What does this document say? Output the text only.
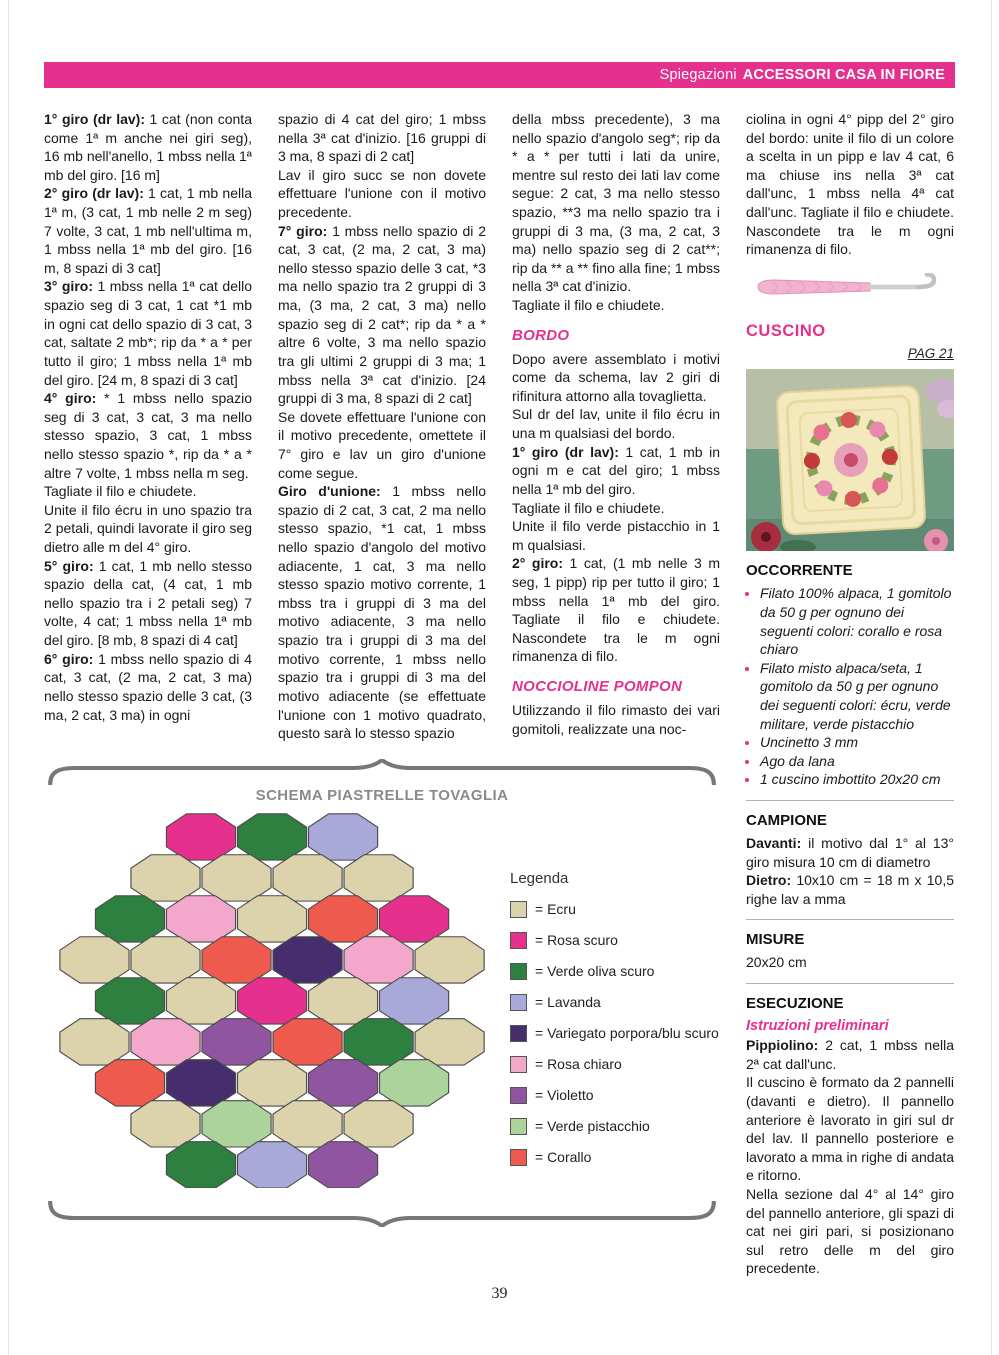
Spiegazioni ACCESSORI CASA IN FIORE

1° giro (dr lav): 1 cat (non conta come 1ª m anche nei giri seg), 16 mb nell'anello, 1 mbss nella 1ª mb del giro. [16 m]

2° giro (dr lav): 1 cat, 1 mb nella 1ª m, (3 cat, 1 mb nelle 2 m seg) 7 volte, 3 cat, 1 mb nell'ultima m, 1 mbss nella 1ª mb del giro. [16 m, 8 spazi di 3 cat]

3° giro: 1 mbss nella 1ª cat dello spazio seg di 3 cat, 1 cat *1 mb in ogni cat dello spazio di 3 cat, 3 cat, saltate 2 mb*; rip da * a * per tutto il giro; 1 mbss nella 1ª mb del giro. [24 m, 8 spazi di 3 cat]

4° giro: * 1 mbss nello spazio seg di 3 cat, 3 cat, 3 ma nello stesso spazio, 3 cat, 1 mbss nello stesso spazio *, rip da * a * altre 7 volte, 1 mbss nella m seg.

Tagliate il filo e chiudete.

Unite il filo écru in uno spazio tra 2 petali, quindi lavorate il giro seg dietro alle m del 4° giro.

5° giro: 1 cat, 1 mb nello stesso spazio della cat, (4 cat, 1 mb nello spazio tra i 2 petali seg) 7 volte, 4 cat; 1 mbss nella 1ª mb del giro. [8 mb, 8 spazi di 4 cat]

6° giro: 1 mbss nello spazio di 4 cat, 3 cat, (2 ma, 2 cat, 3 ma) nello stesso spazio delle 3 cat, (3 ma, 2 cat, 3 ma) in ogni

spazio di 4 cat del giro; 1 mbss nella 3ª cat d'inizio. [16 gruppi di 3 ma, 8 spazi di 2 cat]

Lav il giro succ se non dovete effettuare l'unione con il motivo precedente.

7° giro: 1 mbss nello spazio di 2 cat, 3 cat, (2 ma, 2 cat, 3 ma) nello stesso spazio delle 3 cat, *3 ma nello spazio tra 2 gruppi di 3 ma, (3 ma, 2 cat, 3 ma) nello spazio seg di 2 cat*; rip da * a * altre 6 volte, 3 ma nello spazio tra gli ultimi 2 gruppi di 3 ma; 1 mbss nella 3ª cat d'inizio. [24 gruppi di 3 ma, 8 spazi di 2 cat]

Se dovete effettuare l'unione con il motivo precedente, omettete il 7° giro e lav un giro d'unione come segue.

Giro d'unione: 1 mbss nello spazio di 2 cat, 3 cat, 2 ma nello stesso spazio, *1 cat, 1 mbss nello spazio d'angolo del motivo adiacente, 1 cat, 3 ma nello stesso spazio motivo corrente, 1 mbss tra i gruppi di 3 ma del motivo adiacente, 3 ma nello spazio tra i gruppi di 3 ma del motivo corrente, 1 mbss nello spazio tra i gruppi di 3 ma del motivo adiacente (se effettuate l'unione con 1 motivo quadrato, questo sarà lo stesso spazio

della mbss precedente), 3 ma nello spazio d'angolo seg*; rip da * a * per tutti i lati da unire, mentre sul resto dei lati lav come segue: 2 cat, 3 ma nello stesso spazio, **3 ma nello spazio tra i gruppi di 3 ma, (3 ma, 2 cat, 3 ma) nello spazio seg di 2 cat**; rip da ** a ** fino alla fine; 1 mbss nella 3ª cat d'inizio.

Tagliate il filo e chiudete.

BORDO

Dopo avere assemblato i motivi come da schema, lav 2 giri di rifinitura attorno alla tovaglietta.

Sul dr del lav, unite il filo écru in una m qualsiasi del bordo.

1° giro (dr lav): 1 cat, 1 mb in ogni m e cat del giro; 1 mbss nella 1ª mb del giro.

Tagliate il filo e chiudete.

Unite il filo verde pistacchio in 1 m qualsiasi.

2° giro: 1 cat, (1 mb nelle 3 m seg, 1 pipp) rip per tutto il giro; 1 mbss nella 1ª mb del giro. Tagliate il filo e chiudete. Nascondete tra le m ogni rimanenza di filo.

NOCCIOLINE POMPON

Utilizzando il filo rimasto dei vari gomitoli, realizzate una noc-

SCHEMA PIASTRELLE TOVAGLIA
Legenda
= Ecru
= Rosa scuro
= Verde oliva scuro
= Lavanda
= Variegato porpora/blu scuro
= Rosa chiaro
= Violetto
= Verde pistacchio
= Corallo

ciolina in ogni 4° pipp del 2° giro del bordo: unite il filo di un colore a scelta in un pipp e lav 4 cat, 6 ma chiuse ins nella 3ª cat dall'unc, 1 mbss nella 4ª cat dall'unc. Tagliate il filo e chiudete. Nascondete tra le m ogni rimanenza di filo.

CUSCINO
PAG 21
OCCORRENTE
• Filato 100% alpaca, 1 gomitolo da 50 g per ognuno dei seguenti colori: corallo e rosa chiaro
• Filato misto alpaca/seta, 1 gomitolo da 50 g per ognuno dei seguenti colori: écru, verde militare, verde pistacchio
• Uncinetto 3 mm
• Ago da lana
• 1 cuscino imbottito 20x20 cm
CAMPIONE

Davanti: il motivo dal 1° al 13° giro misura 10 cm di diametro

Dietro: 10x10 cm = 18 m x 10,5 righe lav a mma

MISURE

20x20 cm

ESECUZIONE

Istruzioni preliminari

Pippiolino: 2 cat, 1 mbss nella 2ª cat dall'unc.

Il cuscino è formato da 2 pannelli (davanti e dietro). Il pannello anteriore è lavorato in giri sul dr del lav. Il pannello posteriore e lavorato a mma in righe di andata e ritorno.

Nella sezione dal 4° al 14° giro del pannello anteriore, gli spazi di cat nei giri pari, si posizionano sul retro delle m del giro precedente.

39
